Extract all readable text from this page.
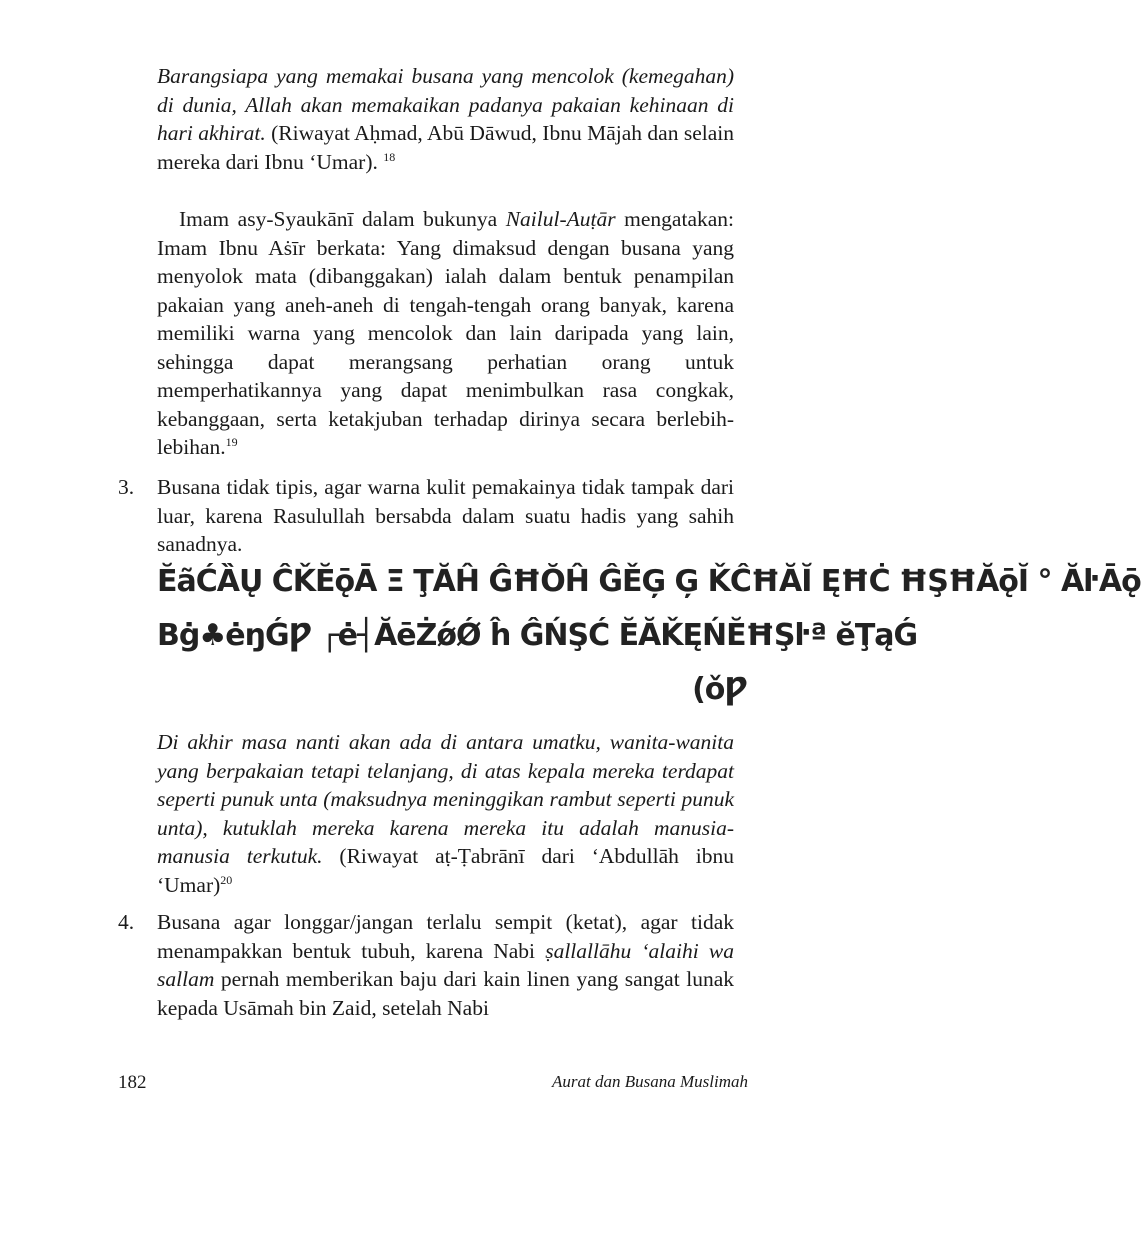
Barangsiapa yang memakai busana yang mencolok (kemegahan) di dunia, Allah akan memakaikan padanya pakaian kehinaan di hari akhirat. (Riwayat Aḥmad, Abū Dāwud, Ibnu Mājah dan selain mereka dari Ibnu ‘Umar). $^{18}$

Imam asy-Syaukānī dalam bukunya Nailul-Auṭār mengatakan: Imam Ibnu Aṡīr berkata: Yang dimaksud dengan busana yang menyolok mata (dibanggakan) ialah dalam bentuk penampilan pakaian yang aneh-aneh di tengah-tengah orang banyak, karena memiliki warna yang mencolok dan lain daripada yang lain, sehingga dapat merangsang perhatian orang untuk memperhatikannya yang dapat menimbulkan rasa congkak, kebanggaan, serta ketakjuban terhadap dirinya secara berlebih-lebihan.$^{19}$

3. Busana tidak tipis, agar warna kulit pemakainya tidak tampak dari luar, karena Rasulullah bersabda dalam suatu hadis yang sahih sanadnya.

ĔãĆȀŲ ĈǨĔǭĀ Ξ ŢĂĤ ĜĦŎĤ ĜĚĢ Ģ ǨĈĦĂĬ ĘĦĊ ĦŞĦĂǭĬ ° ĂŀĀǭ
Bġ♣ėŋǴǷ ┌ė┤ĂēŻǿǾ ĥ ĜŃŞĆ ĔĂǨĘŃĔĦŞŀª ĕŢąǴ
(ǒǷ

Di akhir masa nanti akan ada di antara umatku, wanita-wanita yang berpakaian tetapi telanjang, di atas kepala mereka terdapat seperti punuk unta (maksudnya meninggikan rambut seperti punuk unta), kutuklah mereka karena mereka itu adalah manusia-manusia terkutuk. (Riwayat aṭ-Ṭabrānī dari ‘Abdullāh ibnu ‘Umar)$^{20}$

4. Busana agar longgar/jangan terlalu sempit (ketat), agar tidak menampakkan bentuk tubuh, karena Nabi ṣallallāhu ‘alaihi wa sallam pernah memberikan baju dari kain linen yang sangat lunak kepada Usāmah bin Zaid, setelah Nabi

182	Aurat dan Busana Muslimah
